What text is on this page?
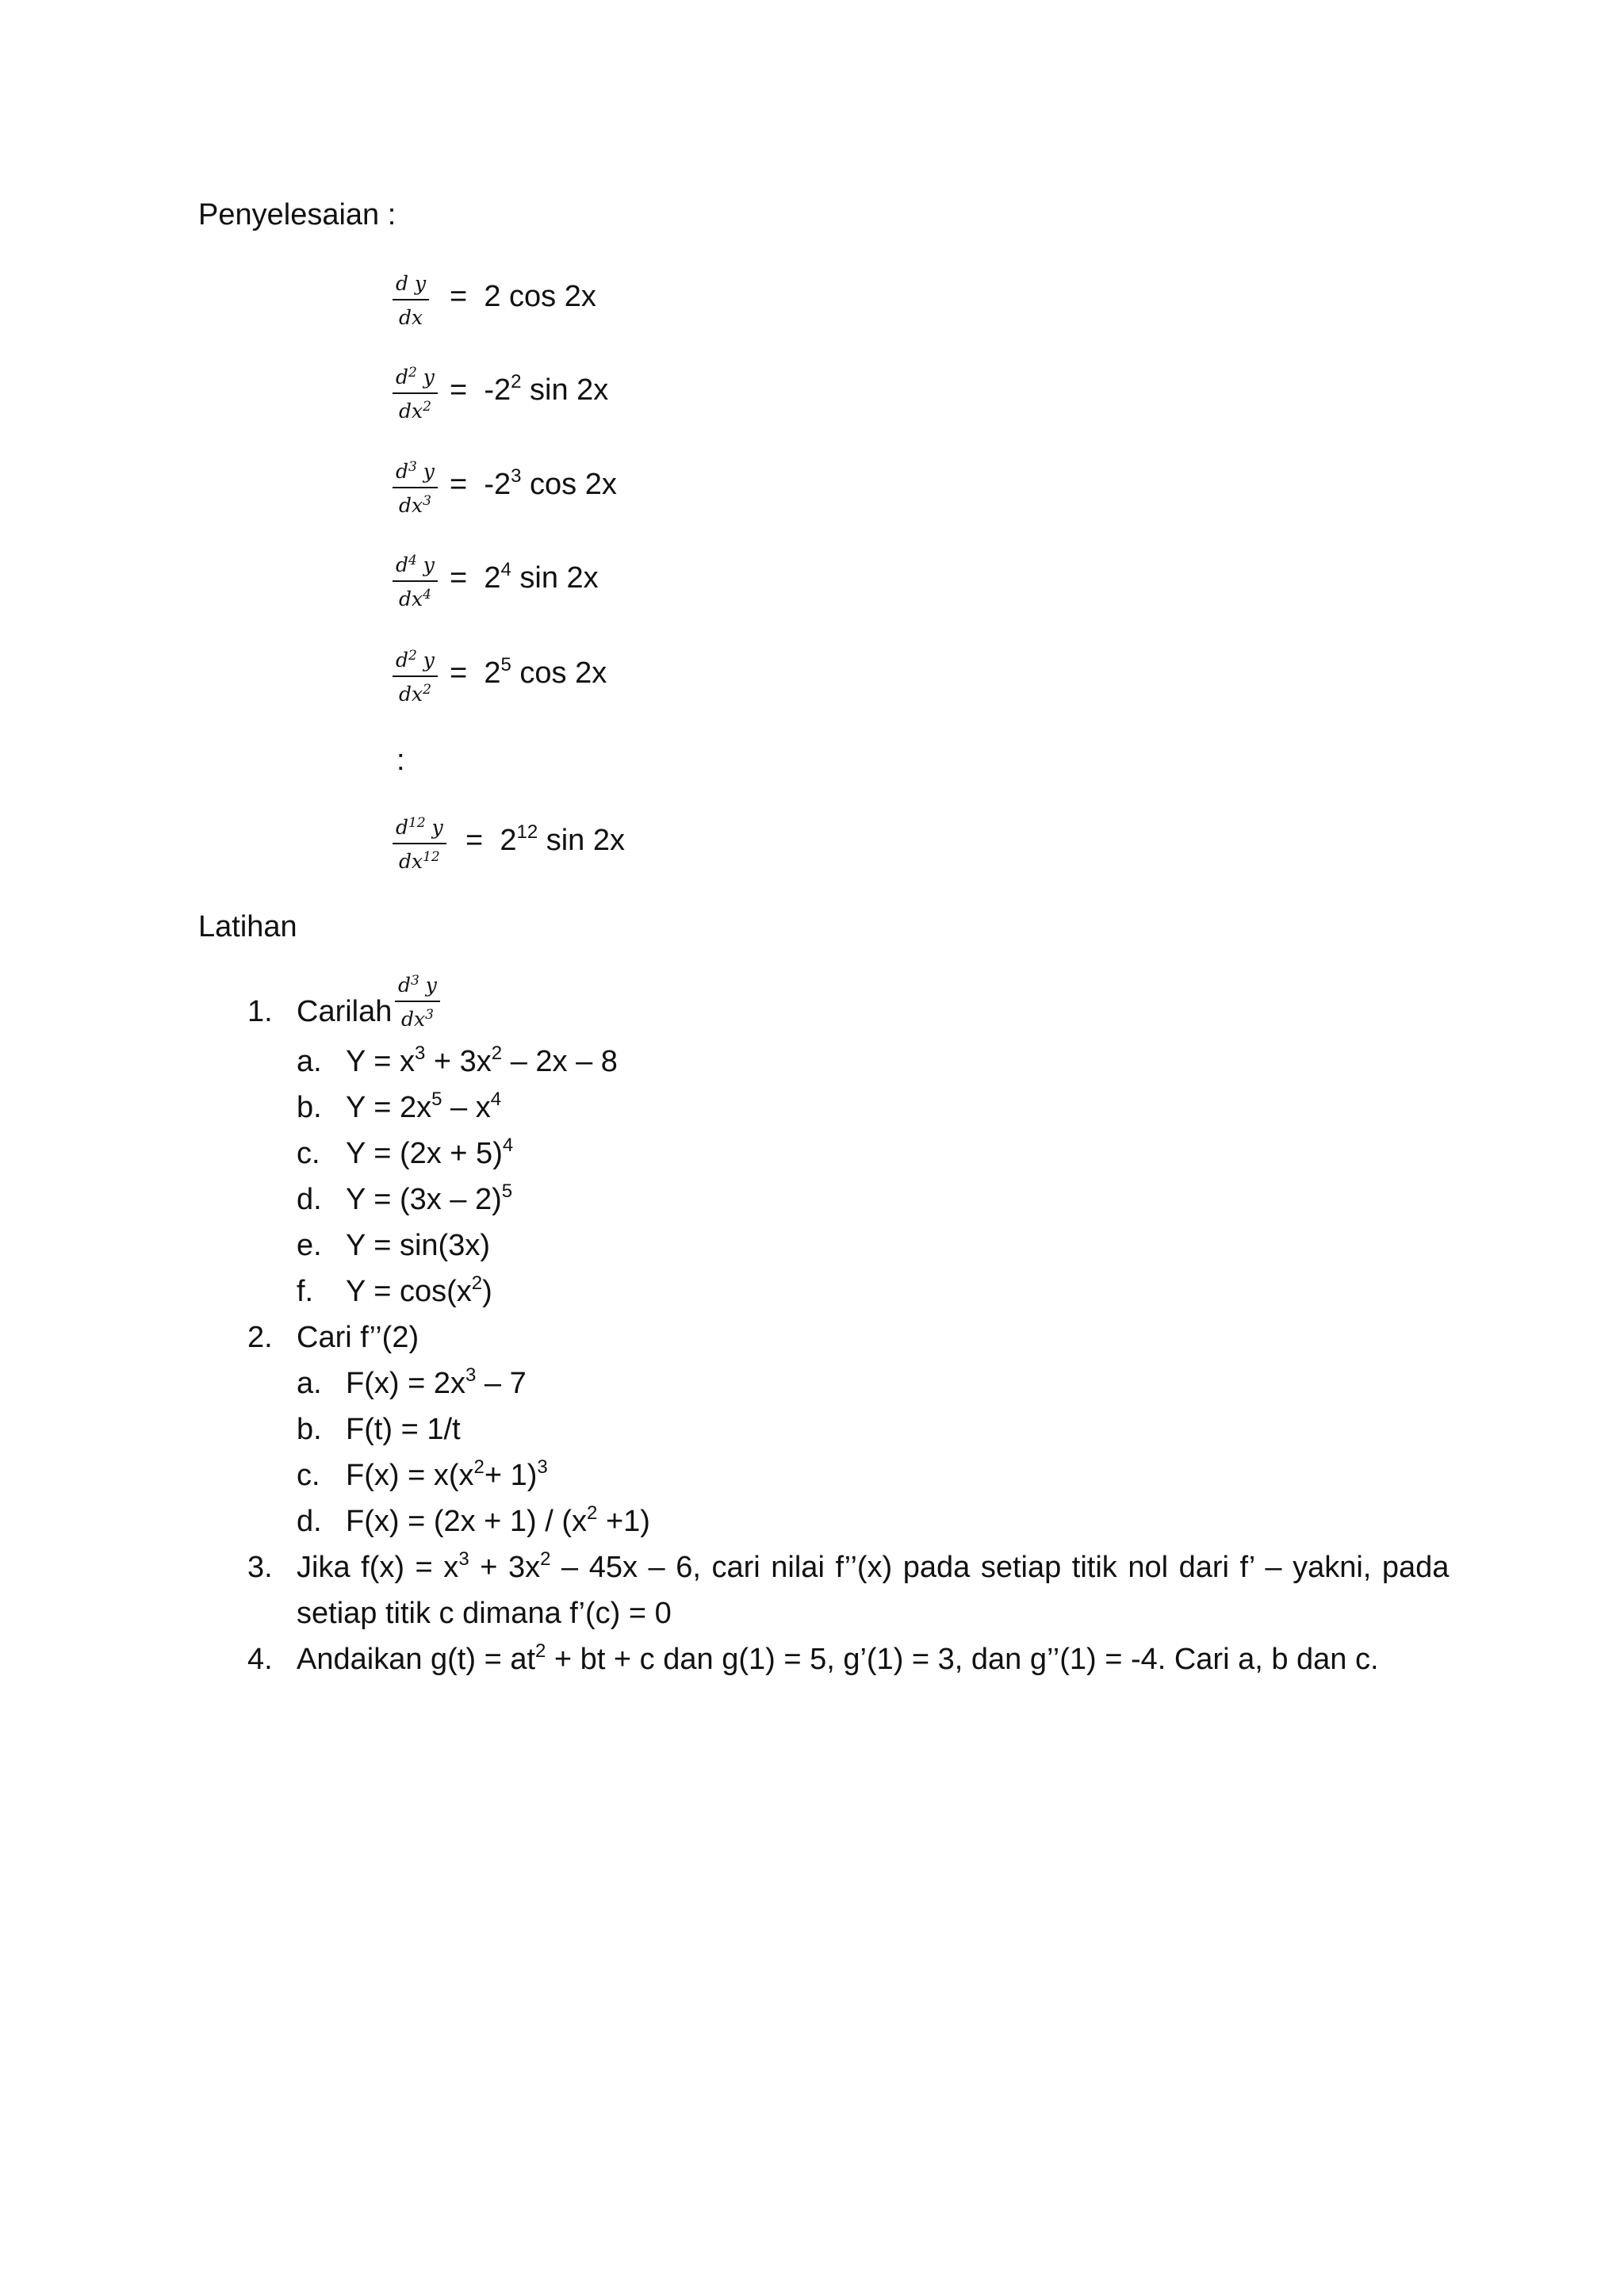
Penyelesaian :
d y
dx
= 2 cos 2x
$d^2$ y
$dx^2 = -2^2$ sin 2x
$d^3$ y
$dx^3 = -2^3$ cos 2x
$d^4$ y
$dx^4 = 2^4$ sin 2x
$d^2$ y
$dx^2 = 2^5$ cos 2x
:
$d^{12}$ y
$dx^{12} = 2^{12}$ sin 2x
Latihan
1. Carilah
$d^3$ y
$dx^3$
a. $Y = x^3 + 3x^2 - 2x - 8$
b. $Y = 2x^5 - x^4$
c. $Y = (2x + 5)^4$
d. Y = (3x – 2)$^5$
e. Y = sin(3x)
f. $Y = \cos(x^2)$
2. Cari f’’(2)
a. $F(x) = 2x^3 - 7$
b. F(t) = 1/t
c. $F(x) = x(x^2+ 1)^3$
d. $F(x) = (2x + 1) / (x^2 +1)$
3. Jika $f(x) = x^3 + 3x^2 - 45x - 6$, cari nilai f’’(x) pada setiap titik nol dari f’ – yakni, pada
setiap titik c dimana f’(c) = 0
4. Andaikan $g(t) = at^2$ + bt + c dan g(1) = 5, g’(1) = 3, dan g’’(1) = -4. Cari a, b dan c.
